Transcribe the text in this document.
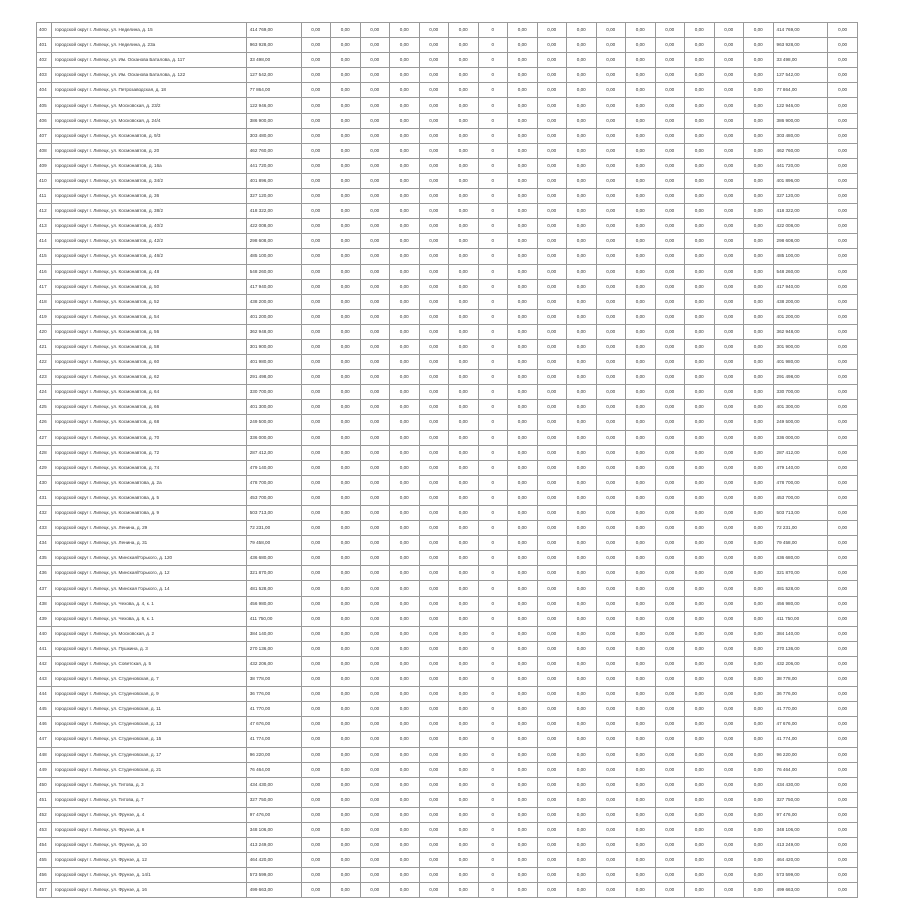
400	городской округ г. Липецк, ул. Неделина, д. 15	414 769,00	0,00	0,00	0,00	0,00	0,00	0,00	0	0,00	0,00	0,00	0,00	0,00	0,00	0,00	0,00	0,00	414 769,00	0,00
401	городской округ г. Липецк, ул. Неделина, д. 23а	963 928,00	0,00	0,00	0,00	0,00	0,00	0,00	0	0,00	0,00	0,00	0,00	0,00	0,00	0,00	0,00	0,00	963 928,00	0,00
402	городской округ г. Липецк, ул. Им. Осканова Баталова, д. 117	33 498,00	0,00	0,00	0,00	0,00	0,00	0,00	0	0,00	0,00	0,00	0,00	0,00	0,00	0,00	0,00	0,00	33 498,00	0,00
403	городской округ г. Липецк, ул. Им. Осканова Баталова, д. 122	127 542,00	0,00	0,00	0,00	0,00	0,00	0,00	0	0,00	0,00	0,00	0,00	0,00	0,00	0,00	0,00	0,00	127 542,00	0,00
404	городской округ г. Липецк, ул. Петрозаводская, д. 18	77 864,00	0,00	0,00	0,00	0,00	0,00	0,00	0	0,00	0,00	0,00	0,00	0,00	0,00	0,00	0,00	0,00	77 864,00	0,00
405	городской округ г. Липецк, ул. Московская, д. 23/2	122 946,00	0,00	0,00	0,00	0,00	0,00	0,00	0	0,00	0,00	0,00	0,00	0,00	0,00	0,00	0,00	0,00	122 946,00	0,00
406	городской округ г. Липецк, ул. Московская, д. 24/4	386 900,00	0,00	0,00	0,00	0,00	0,00	0,00	0	0,00	0,00	0,00	0,00	0,00	0,00	0,00	0,00	0,00	386 900,00	0,00
407	городской округ г. Липецк, ул. Космонавтов, д. 9/3	303 480,00	0,00	0,00	0,00	0,00	0,00	0,00	0	0,00	0,00	0,00	0,00	0,00	0,00	0,00	0,00	0,00	303 480,00	0,00
408	городской округ г. Липецк, ул. Космонавтов, д. 20	462 760,00	0,00	0,00	0,00	0,00	0,00	0,00	0	0,00	0,00	0,00	0,00	0,00	0,00	0,00	0,00	0,00	462 760,00	0,00
409	городской округ г. Липецк, ул. Космонавтов, д. 16а	441 720,00	0,00	0,00	0,00	0,00	0,00	0,00	0	0,00	0,00	0,00	0,00	0,00	0,00	0,00	0,00	0,00	441 720,00	0,00
410	городской округ г. Липецк, ул. Космонавтов, д. 34/2	401 896,00	0,00	0,00	0,00	0,00	0,00	0,00	0	0,00	0,00	0,00	0,00	0,00	0,00	0,00	0,00	0,00	401 896,00	0,00
411	городской округ г. Липецк, ул. Космонавтов, д. 36	327 120,00	0,00	0,00	0,00	0,00	0,00	0,00	0	0,00	0,00	0,00	0,00	0,00	0,00	0,00	0,00	0,00	327 120,00	0,00
412	городской округ г. Липецк, ул. Космонавтов, д. 38/2	418 322,00	0,00	0,00	0,00	0,00	0,00	0,00	0	0,00	0,00	0,00	0,00	0,00	0,00	0,00	0,00	0,00	418 322,00	0,00
413	городской округ г. Липецк, ул. Космонавтов, д. 40/2	422 008,00	0,00	0,00	0,00	0,00	0,00	0,00	0	0,00	0,00	0,00	0,00	0,00	0,00	0,00	0,00	0,00	422 008,00	0,00
414	городской округ г. Липецк, ул. Космонавтов, д. 42/2	298 608,00	0,00	0,00	0,00	0,00	0,00	0,00	0	0,00	0,00	0,00	0,00	0,00	0,00	0,00	0,00	0,00	298 608,00	0,00
415	городской округ г. Липецк, ул. Космонавтов, д. 46/2	485 100,00	0,00	0,00	0,00	0,00	0,00	0,00	0	0,00	0,00	0,00	0,00	0,00	0,00	0,00	0,00	0,00	485 100,00	0,00
416	городской округ г. Липецк, ул. Космонавтов, д. 48	548 260,00	0,00	0,00	0,00	0,00	0,00	0,00	0	0,00	0,00	0,00	0,00	0,00	0,00	0,00	0,00	0,00	548 260,00	0,00
417	городской округ г. Липецк, ул. Космонавтов, д. 50	417 940,00	0,00	0,00	0,00	0,00	0,00	0,00	0	0,00	0,00	0,00	0,00	0,00	0,00	0,00	0,00	0,00	417 940,00	0,00
418	городской округ г. Липецк, ул. Космонавтов, д. 52	438 200,00	0,00	0,00	0,00	0,00	0,00	0,00	0	0,00	0,00	0,00	0,00	0,00	0,00	0,00	0,00	0,00	438 200,00	0,00
419	городской округ г. Липецк, ул. Космонавтов, д. 54	401 200,00	0,00	0,00	0,00	0,00	0,00	0,00	0	0,00	0,00	0,00	0,00	0,00	0,00	0,00	0,00	0,00	401 200,00	0,00
420	городской округ г. Липецк, ул. Космонавтов, д. 56	362 948,00	0,00	0,00	0,00	0,00	0,00	0,00	0	0,00	0,00	0,00	0,00	0,00	0,00	0,00	0,00	0,00	362 948,00	0,00
421	городской округ г. Липецк, ул. Космонавтов, д. 58	301 900,00	0,00	0,00	0,00	0,00	0,00	0,00	0	0,00	0,00	0,00	0,00	0,00	0,00	0,00	0,00	0,00	301 900,00	0,00
422	городской округ г. Липецк, ул. Космонавтов, д. 60	401 980,00	0,00	0,00	0,00	0,00	0,00	0,00	0	0,00	0,00	0,00	0,00	0,00	0,00	0,00	0,00	0,00	401 980,00	0,00
423	городской округ г. Липецк, ул. Космонавтов, д. 62	291 498,00	0,00	0,00	0,00	0,00	0,00	0,00	0	0,00	0,00	0,00	0,00	0,00	0,00	0,00	0,00	0,00	291 498,00	0,00
424	городской округ г. Липецк, ул. Космонавтов, д. 64	330 700,00	0,00	0,00	0,00	0,00	0,00	0,00	0	0,00	0,00	0,00	0,00	0,00	0,00	0,00	0,00	0,00	330 700,00	0,00
425	городской округ г. Липецк, ул. Космонавтов, д. 66	401 300,00	0,00	0,00	0,00	0,00	0,00	0,00	0	0,00	0,00	0,00	0,00	0,00	0,00	0,00	0,00	0,00	401 300,00	0,00
426	городской округ г. Липецк, ул. Космонавтов, д. 68	249 500,00	0,00	0,00	0,00	0,00	0,00	0,00	0	0,00	0,00	0,00	0,00	0,00	0,00	0,00	0,00	0,00	249 500,00	0,00
427	городской округ г. Липецк, ул. Космонавтов, д. 70	336 000,00	0,00	0,00	0,00	0,00	0,00	0,00	0	0,00	0,00	0,00	0,00	0,00	0,00	0,00	0,00	0,00	336 000,00	0,00
428	городской округ г. Липецк, ул. Космонавтов, д. 72	287 412,00	0,00	0,00	0,00	0,00	0,00	0,00	0	0,00	0,00	0,00	0,00	0,00	0,00	0,00	0,00	0,00	287 412,00	0,00
429	городской округ г. Липецк, ул. Космонавтов, д. 74	479 140,00	0,00	0,00	0,00	0,00	0,00	0,00	0	0,00	0,00	0,00	0,00	0,00	0,00	0,00	0,00	0,00	479 140,00	0,00
430	городской округ г. Липецк, ул. Космонавтова, д. 2а	478 700,00	0,00	0,00	0,00	0,00	0,00	0,00	0	0,00	0,00	0,00	0,00	0,00	0,00	0,00	0,00	0,00	478 700,00	0,00
431	городской округ г. Липецк, ул. Космонавтова, д. 5	453 700,00	0,00	0,00	0,00	0,00	0,00	0,00	0	0,00	0,00	0,00	0,00	0,00	0,00	0,00	0,00	0,00	453 700,00	0,00
432	городской округ г. Липецк, ул. Космонавтова, д. 9	503 713,00	0,00	0,00	0,00	0,00	0,00	0,00	0	0,00	0,00	0,00	0,00	0,00	0,00	0,00	0,00	0,00	503 713,00	0,00
433	городской округ г. Липецк, ул. Ленина, д. 29	72 231,00	0,00	0,00	0,00	0,00	0,00	0,00	0	0,00	0,00	0,00	0,00	0,00	0,00	0,00	0,00	0,00	72 231,00	0,00
434	городской округ г. Липецк, ул. Ленина, д. 31	79 458,00	0,00	0,00	0,00	0,00	0,00	0,00	0	0,00	0,00	0,00	0,00	0,00	0,00	0,00	0,00	0,00	79 458,00	0,00
435	городской округ г. Липецк, ул. Минская/Горького, д. 120	436 680,00	0,00	0,00	0,00	0,00	0,00	0,00	0	0,00	0,00	0,00	0,00	0,00	0,00	0,00	0,00	0,00	436 680,00	0,00
436	городской округ г. Липецк, ул. Минская/Горького, д. 12	321 870,00	0,00	0,00	0,00	0,00	0,00	0,00	0	0,00	0,00	0,00	0,00	0,00	0,00	0,00	0,00	0,00	321 870,00	0,00
437	городской округ г. Липецк, ул. Минская Горького, д. 14	481 528,00	0,00	0,00	0,00	0,00	0,00	0,00	0	0,00	0,00	0,00	0,00	0,00	0,00	0,00	0,00	0,00	481 528,00	0,00
438	городской округ г. Липецк, ул. Чехова, д. 4, к. 1	456 980,00	0,00	0,00	0,00	0,00	0,00	0,00	0	0,00	0,00	0,00	0,00	0,00	0,00	0,00	0,00	0,00	456 980,00	0,00
439	городской округ г. Липецк, ул. Чехова, д. 6, к. 1	411 750,00	0,00	0,00	0,00	0,00	0,00	0,00	0	0,00	0,00	0,00	0,00	0,00	0,00	0,00	0,00	0,00	411 750,00	0,00
440	городской округ г. Липецк, ул. Московская, д. 2	384 140,00	0,00	0,00	0,00	0,00	0,00	0,00	0	0,00	0,00	0,00	0,00	0,00	0,00	0,00	0,00	0,00	384 140,00	0,00
441	городской округ г. Липецк, ул. Пушкина, д. 3	270 136,00	0,00	0,00	0,00	0,00	0,00	0,00	0	0,00	0,00	0,00	0,00	0,00	0,00	0,00	0,00	0,00	270 136,00	0,00
442	городской округ г. Липецк, ул. Советская, д. 5	432 206,00	0,00	0,00	0,00	0,00	0,00	0,00	0	0,00	0,00	0,00	0,00	0,00	0,00	0,00	0,00	0,00	432 206,00	0,00
443	городской округ г. Липецк, ул. Студеновская, д. 7	38 778,00	0,00	0,00	0,00	0,00	0,00	0,00	0	0,00	0,00	0,00	0,00	0,00	0,00	0,00	0,00	0,00	38 778,00	0,00
444	городской округ г. Липецк, ул. Студеновская, д. 9	36 776,00	0,00	0,00	0,00	0,00	0,00	0,00	0	0,00	0,00	0,00	0,00	0,00	0,00	0,00	0,00	0,00	36 776,00	0,00
445	городской округ г. Липецк, ул. Студеновская, д. 11	41 770,00	0,00	0,00	0,00	0,00	0,00	0,00	0	0,00	0,00	0,00	0,00	0,00	0,00	0,00	0,00	0,00	41 770,00	0,00
446	городской округ г. Липецк, ул. Студеновская, д. 13	47 676,00	0,00	0,00	0,00	0,00	0,00	0,00	0	0,00	0,00	0,00	0,00	0,00	0,00	0,00	0,00	0,00	47 676,00	0,00
447	городской округ г. Липецк, ул. Студеновская, д. 15	41 774,00	0,00	0,00	0,00	0,00	0,00	0,00	0	0,00	0,00	0,00	0,00	0,00	0,00	0,00	0,00	0,00	41 774,00	0,00
448	городской округ г. Липецк, ул. Студеновская, д. 17	96 220,00	0,00	0,00	0,00	0,00	0,00	0,00	0	0,00	0,00	0,00	0,00	0,00	0,00	0,00	0,00	0,00	96 220,00	0,00
449	городской округ г. Липецк, ул. Студеновская, д. 21	76 464,00	0,00	0,00	0,00	0,00	0,00	0,00	0	0,00	0,00	0,00	0,00	0,00	0,00	0,00	0,00	0,00	76 464,00	0,00
450	городской округ г. Липецк, ул. Титова, д. 3	434 430,00	0,00	0,00	0,00	0,00	0,00	0,00	0	0,00	0,00	0,00	0,00	0,00	0,00	0,00	0,00	0,00	434 430,00	0,00
451	городской округ г. Липецк, ул. Титова, д. 7	327 750,00	0,00	0,00	0,00	0,00	0,00	0,00	0	0,00	0,00	0,00	0,00	0,00	0,00	0,00	0,00	0,00	327 750,00	0,00
452	городской округ г. Липецк, ул. Фрунзе, д. 4	97 476,00	0,00	0,00	0,00	0,00	0,00	0,00	0	0,00	0,00	0,00	0,00	0,00	0,00	0,00	0,00	0,00	97 476,00	0,00
453	городской округ г. Липецк, ул. Фрунзе, д. 6	348 106,00	0,00	0,00	0,00	0,00	0,00	0,00	0	0,00	0,00	0,00	0,00	0,00	0,00	0,00	0,00	0,00	348 106,00	0,00
454	городской округ г. Липецк, ул. Фрунзе, д. 10	413 249,00	0,00	0,00	0,00	0,00	0,00	0,00	0	0,00	0,00	0,00	0,00	0,00	0,00	0,00	0,00	0,00	413 249,00	0,00
455	городской округ г. Липецк, ул. Фрунзе, д. 12	464 420,00	0,00	0,00	0,00	0,00	0,00	0,00	0	0,00	0,00	0,00	0,00	0,00	0,00	0,00	0,00	0,00	464 420,00	0,00
456	городской округ г. Липецк, ул. Фрунзе, д. 14/1	573 599,00	0,00	0,00	0,00	0,00	0,00	0,00	0	0,00	0,00	0,00	0,00	0,00	0,00	0,00	0,00	0,00	573 599,00	0,00
457	городской округ г. Липецк, ул. Фрунзе, д. 16	499 663,00	0,00	0,00	0,00	0,00	0,00	0,00	0	0,00	0,00	0,00	0,00	0,00	0,00	0,00	0,00	0,00	499 663,00	0,00
